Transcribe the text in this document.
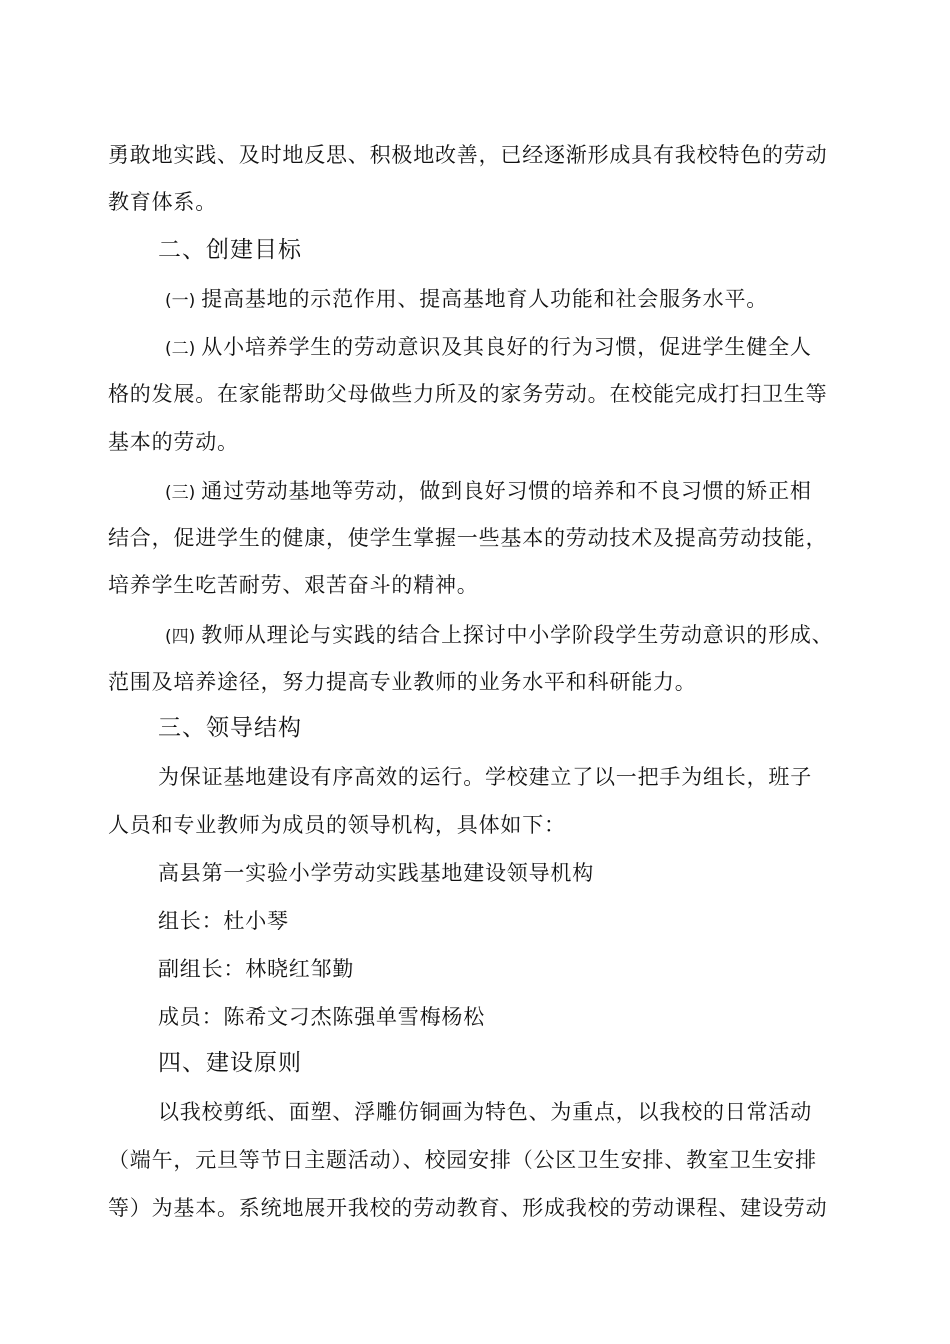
勇敢地实践、及时地反思、积极地改善，已经逐渐形成具有我校特色的劳动
教育体系。
二、创建目标
(一) 提高基地的示范作用、提高基地育人功能和社会服务水平。
(二) 从小培养学生的劳动意识及其良好的行为习惯，促进学生健全人
格的发展。在家能帮助父母做些力所及的家务劳动。在校能完成打扫卫生等
基本的劳动。
(三) 通过劳动基地等劳动，做到良好习惯的培养和不良习惯的矫正相
结合，促进学生的健康，使学生掌握一些基本的劳动技术及提高劳动技能，
培养学生吃苦耐劳、艰苦奋斗的精神。
(四) 教师从理论与实践的结合上探讨中小学阶段学生劳动意识的形成、
范围及培养途径，努力提高专业教师的业务水平和科研能力。
三、领导结构
为保证基地建设有序高效的运行。学校建立了以一把手为组长，班子
人员和专业教师为成员的领导机构，具体如下：
高县第一实验小学劳动实践基地建设领导机构
组长：杜小琴
副组长：林晓红邹勤
成员：陈希文刁杰陈强单雪梅杨松
四、建设原则
以我校剪纸、面塑、浮雕仿铜画为特色、为重点，以我校的日常活动
（端午，元旦等节日主题活动）、校园安排（公区卫生安排、教室卫生安排
等）为基本。系统地展开我校的劳动教育、形成我校的劳动课程、建设劳动
